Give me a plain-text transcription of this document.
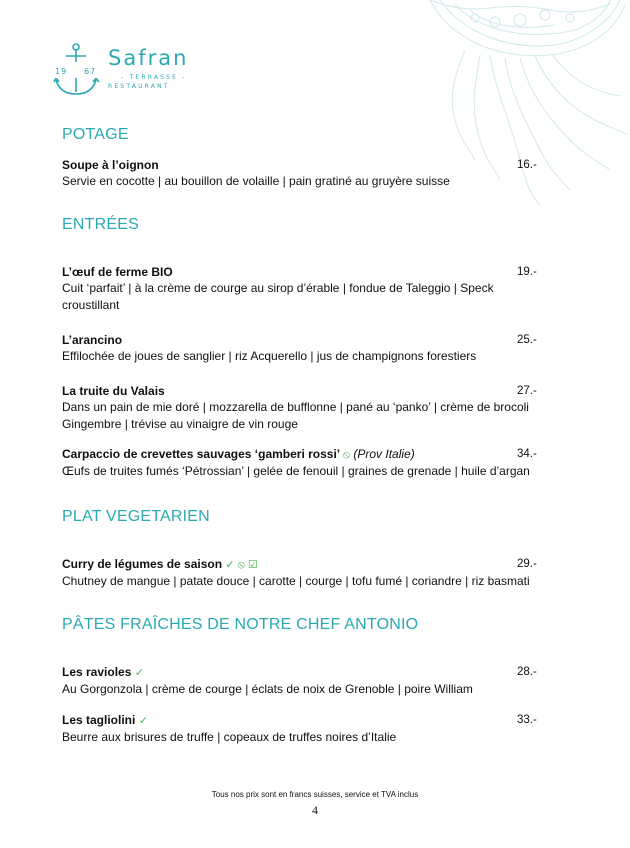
19 67
Safran
- TERRASSE -
RESTAURANT
POTAGE
Soupe à l’oignon	16.-
Servie en cocotte | au bouillon de volaille | pain gratiné au gruyère suisse
ENTRÉES
L’œuf de ferme BIO	19.-
Cuit ‘parfait’ | à la crème de courge au sirop d’érable | fondue de Taleggio | Speck croustillant
L’arancino	25.-
Effilochée de joues de sanglier | riz Acquerello | jus de champignons forestiers
La truite du Valais	27.-
Dans un pain de mie doré | mozzarella de bufflonne | pané au ‘panko’ | crème de brocoli Gingembre | trévise au vinaigre de vin rouge
Carpaccio de crevettes sauvages ‘gamberi rossi’ ⦸ (Prov Italie)	34.-
Œufs de truites fumés ‘Pétrossian’ | gelée de fenouil | graines de grenade | huile d’argan
PLAT VEGETARIEN
Curry de légumes de saison ✓ ⦸ ☑	29.-
Chutney de mangue | patate douce | carotte | courge | tofu fumé | coriandre | riz basmati
PÂTES FRAÎCHES DE NOTRE CHEF ANTONIO
Les ravioles ✓	28.-
Au Gorgonzola | crème de courge | éclats de noix de Grenoble | poire William
Les tagliolini ✓	33.-
Beurre aux brisures de truffe | copeaux de truffes noires d’Italie
Tous nos prix sont en francs suisses, service et TVA inclus
4
